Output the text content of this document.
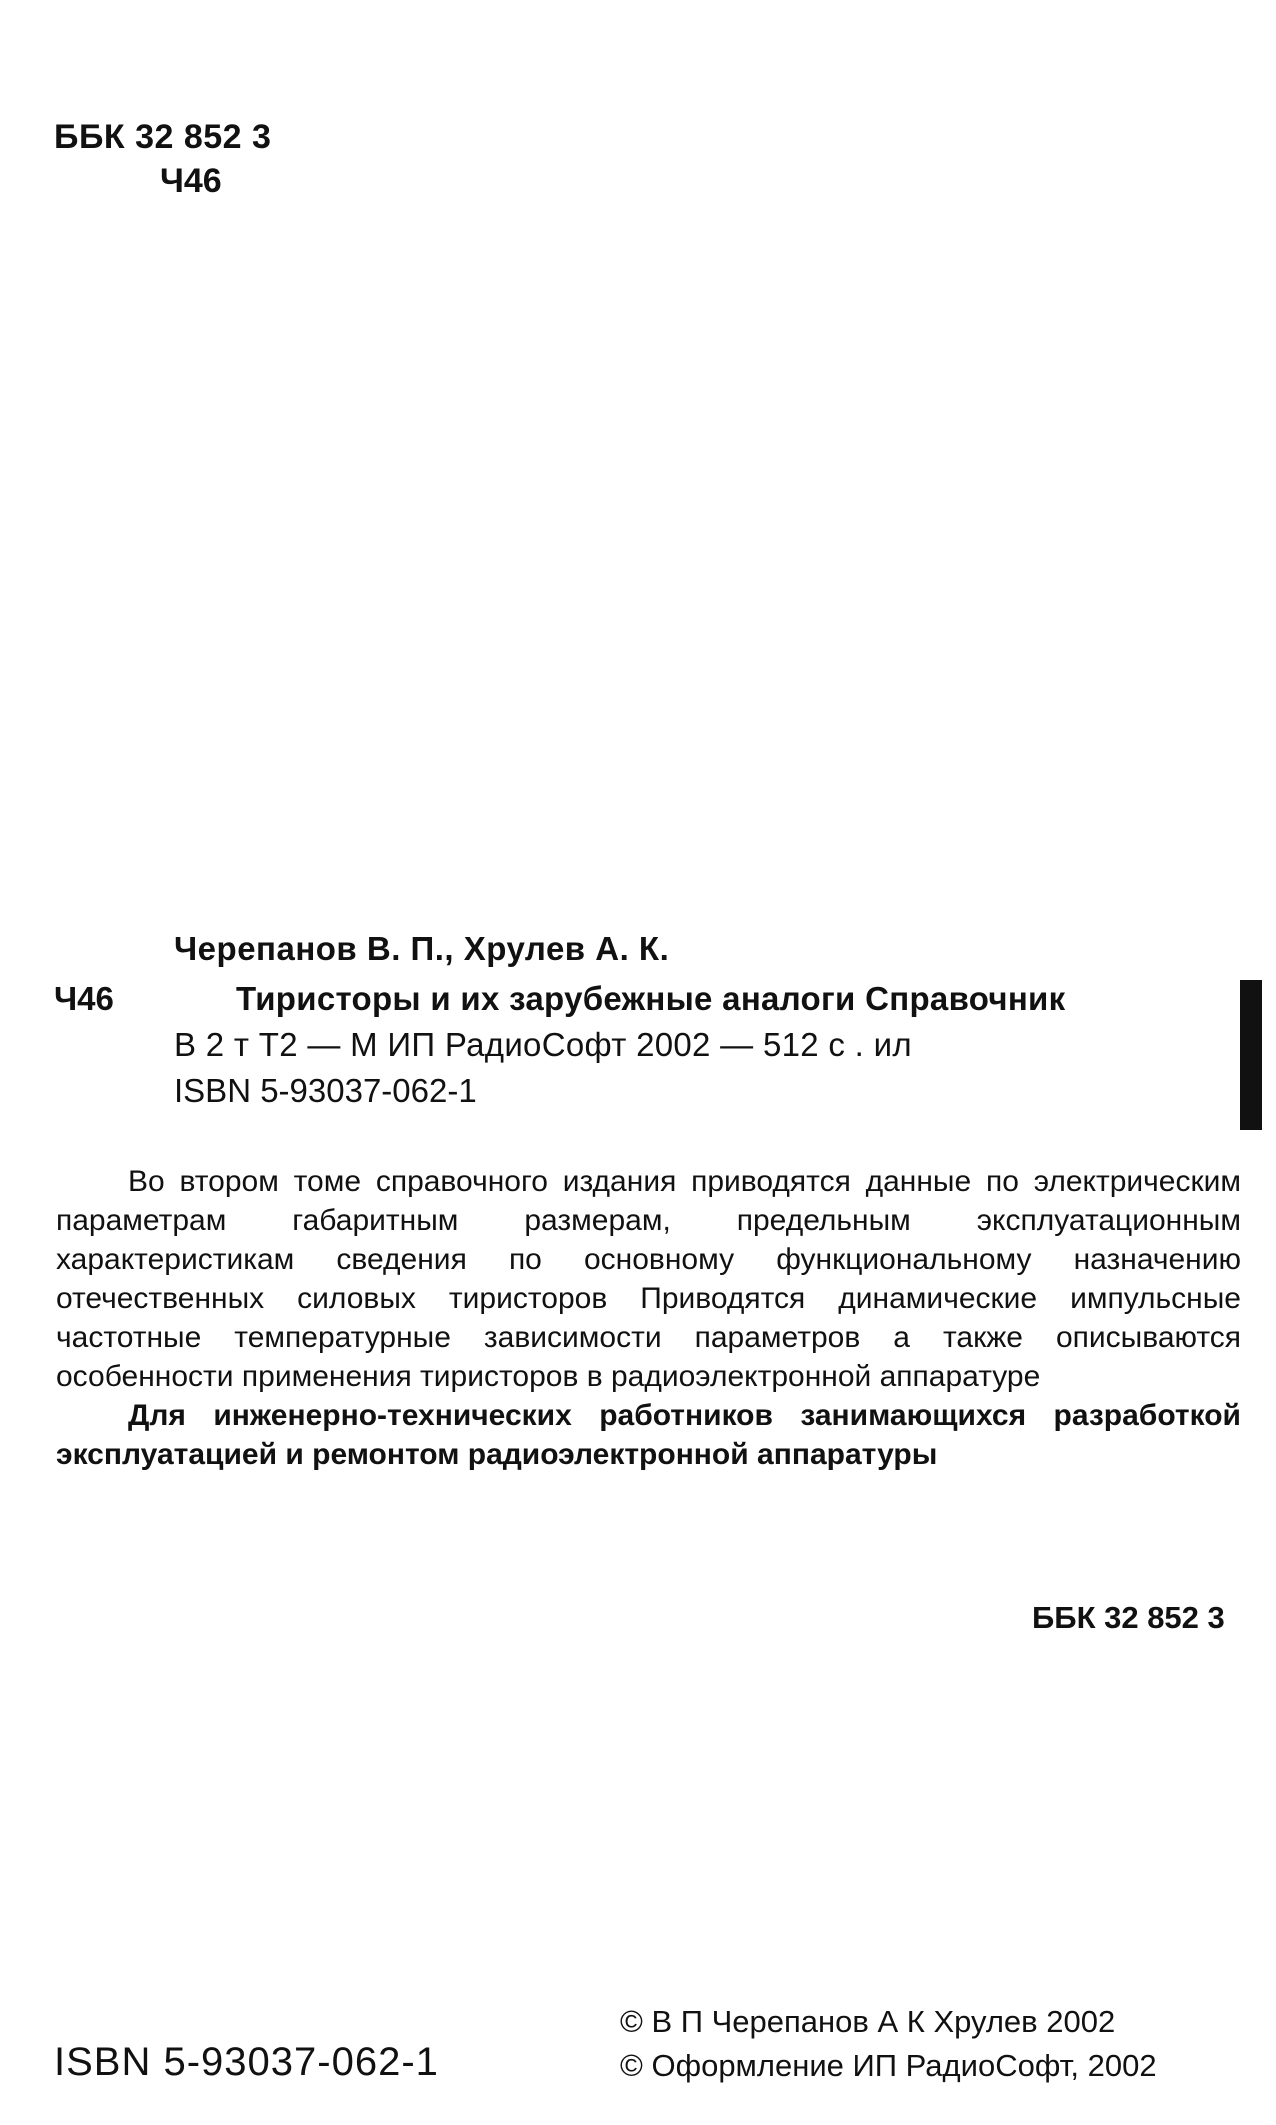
ББК 32 852 3
Ч46
Черепанов В. П., Хрулев А. К.
Ч46	Тиристоры и их зарубежные аналоги Справочник
В 2 т Т2 — М ИП РадиоСофт 2002 — 512 с . ил
ISBN 5-93037-062-1

Во втором томе справочного издания приводятся данные по электрическим параметрам габаритным размерам, предельным эксплуатационным характеристикам сведения по основному функциональному назначению отечественных силовых тиристоров Приводятся динамические импульсные частотные температурные зависимости параметров а также описываются особенности применения тиристоров в радиоэлектронной аппаратуре

Для инженерно-технических работников занимающихся разработкой эксплуатацией и ремонтом радиоэлектронной аппаратуры

ББК 32 852 3
ISBN 5-93037-062-1
© В П Черепанов А К Хрулев 2002
© Оформление ИП РадиоСофт, 2002
